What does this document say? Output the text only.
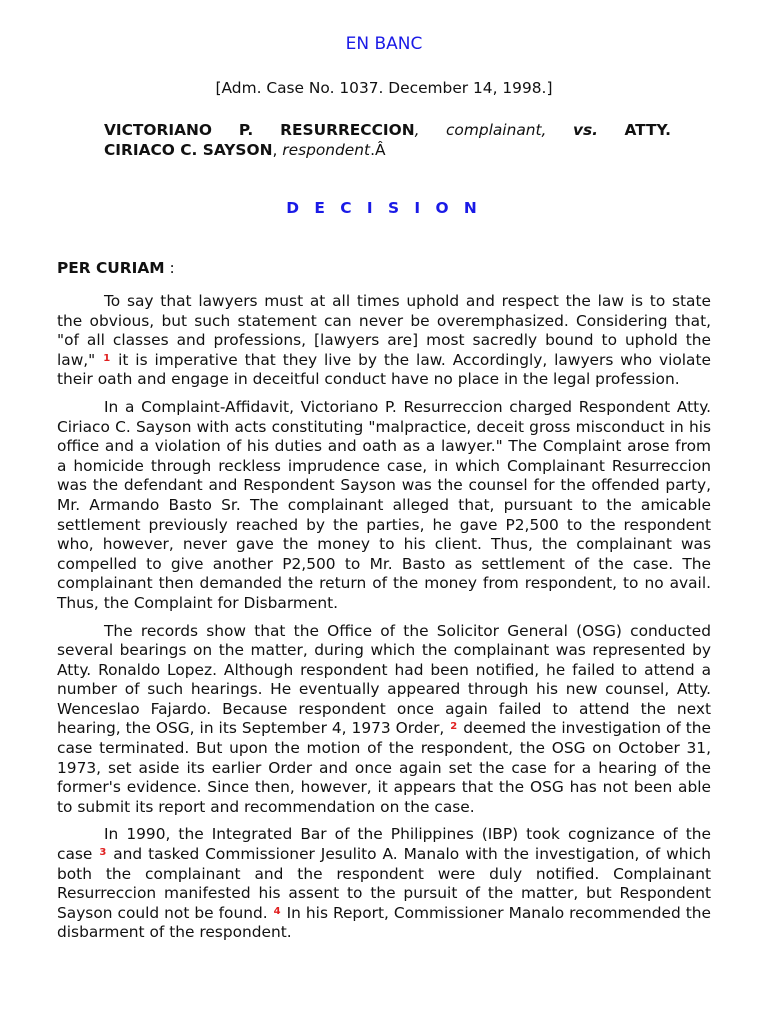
EN BANC
[Adm. Case No. 1037. December 14, 1998.]
VICTORIANO P. RESURRECCION, complainant, vs. ATTY.
CIRIACO C. SAYSON, respondent.Â
D E C I S I O N
PER CURIAM :

To say that lawyers must at all times uphold and respect the law is to state the obvious, but such statement can never be overemphasized. Considering that, "of all classes and professions, [lawyers are] most sacredly bound to uphold the law," $^1$ it is imperative that they live by the law. Accordingly, lawyers who violate their oath and engage in deceitful conduct have no place in the legal profession.

In a Complaint-Affidavit, Victoriano P. Resurreccion charged Respondent Atty. Ciriaco C. Sayson with acts constituting "malpractice, deceit gross misconduct in his office and a violation of his duties and oath as a lawyer." The Complaint arose from a homicide through reckless imprudence case, in which Complainant Resurreccion was the defendant and Respondent Sayson was the counsel for the offended party, Mr. Armando Basto Sr. The complainant alleged that, pursuant to the amicable settlement previously reached by the parties, he gave P2,500 to the respondent who, however, never gave the money to his client. Thus, the complainant was compelled to give another P2,500 to Mr. Basto as settlement of the case. The complainant then demanded the return of the money from respondent, to no avail. Thus, the Complaint for Disbarment.

The records show that the Office of the Solicitor General (OSG) conducted several bearings on the matter, during which the complainant was represented by Atty. Ronaldo Lopez. Although respondent had been notified, he failed to attend a number of such hearings. He eventually appeared through his new counsel, Atty. Wenceslao Fajardo. Because respondent once again failed to attend the next hearing, the OSG, in its September 4, 1973 Order, $^2$ deemed the investigation of the case terminated. But upon the motion of the respondent, the OSG on October 31, 1973, set aside its earlier Order and once again set the case for a hearing of the former's evidence. Since then, however, it appears that the OSG has not been able to submit its report and recommendation on the case.

In 1990, the Integrated Bar of the Philippines (IBP) took cognizance of the case $^3$ and tasked Commissioner Jesulito A. Manalo with the investigation, of which both the complainant and the respondent were duly notified. Complainant Resurreccion manifested his assent to the pursuit of the matter, but Respondent Sayson could not be found. $^4$ In his Report, Commissioner Manalo recommended the disbarment of the respondent.
